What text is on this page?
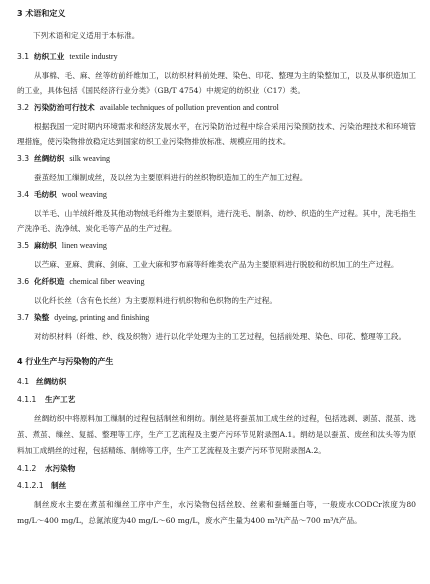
3 术语和定义
下列术语和定义适用于本标准。
3.1 纺织工业 textile industry

从事棉、毛、麻、丝等纺前纤维加工，以纺织材料前处理、染色、印花、整理为主的染整加工，以及从事织造加工的工业，具体包括《国民经济行业分类》（GB/T 4754）中规定的纺织业（C17）类。

3.2 污染防治可行技术 available techniques of pollution prevention and control

根据我国一定时期内环境需求和经济发展水平，在污染防治过程中综合采用污染预防技术、污染治理技术和环境管理措施，使污染物排放稳定达到国家纺织工业污染物排放标准、规模应用的技术。

3.3 丝绸纺织 silk weaving

蚕茧经加工缫制成丝，及以丝为主要原料进行的丝织物织造加工的生产加工过程。

3.4 毛纺织 wool weaving

以羊毛、山羊绒纤维及其他动物绒毛纤维为主要原料，进行洗毛、制条、纺纱、织造的生产过程。其中，洗毛指生产洗净毛、洗净绒、炭化毛等产品的生产过程。

3.5 麻纺织 linen weaving

以苎麻、亚麻、黄麻、剑麻、工业大麻和罗布麻等纤维类农产品为主要原料进行脱胶和纺织加工的生产过程。

3.6 化纤织造 chemical fiber weaving

以化纤长丝（含有色长丝）为主要原料进行机织物和色织物的生产过程。

3.7 染整 dyeing, printing and finishing

对纺织材料（纤维、纱、线及织物）进行以化学处理为主的工艺过程，包括前处理、染色、印花、整理等工段。

4 行业生产与污染物的产生
4.1 丝绸纺织
4.1.1 生产工艺

丝绸纺织中将原料加工缫制的过程包括制丝和绢纺。制丝是将蚕茧加工成生丝的过程，包括选剥、剥茧、混茧、选茧、煮茧、缫丝、复摇、整理等工序，生产工艺流程及主要产污环节见附录图A.1。绢纺是以蚕茧、废丝和汰头等为原料加工成绢丝的过程，包括精练、制绵等工序，生产工艺流程及主要产污环节见附录图A.2。

4.1.2 水污染物
4.1.2.1 制丝

制丝废水主要在煮茧和缫丝工序中产生，水污染物包括丝胶、丝素和蚕蛹蛋白等，一般废水CODCr浓度为80 mg/L～400 mg/L，总氮浓度为40 mg/L～60 mg/L，废水产生量为400 m³/t产品～700 m³/t产品。
